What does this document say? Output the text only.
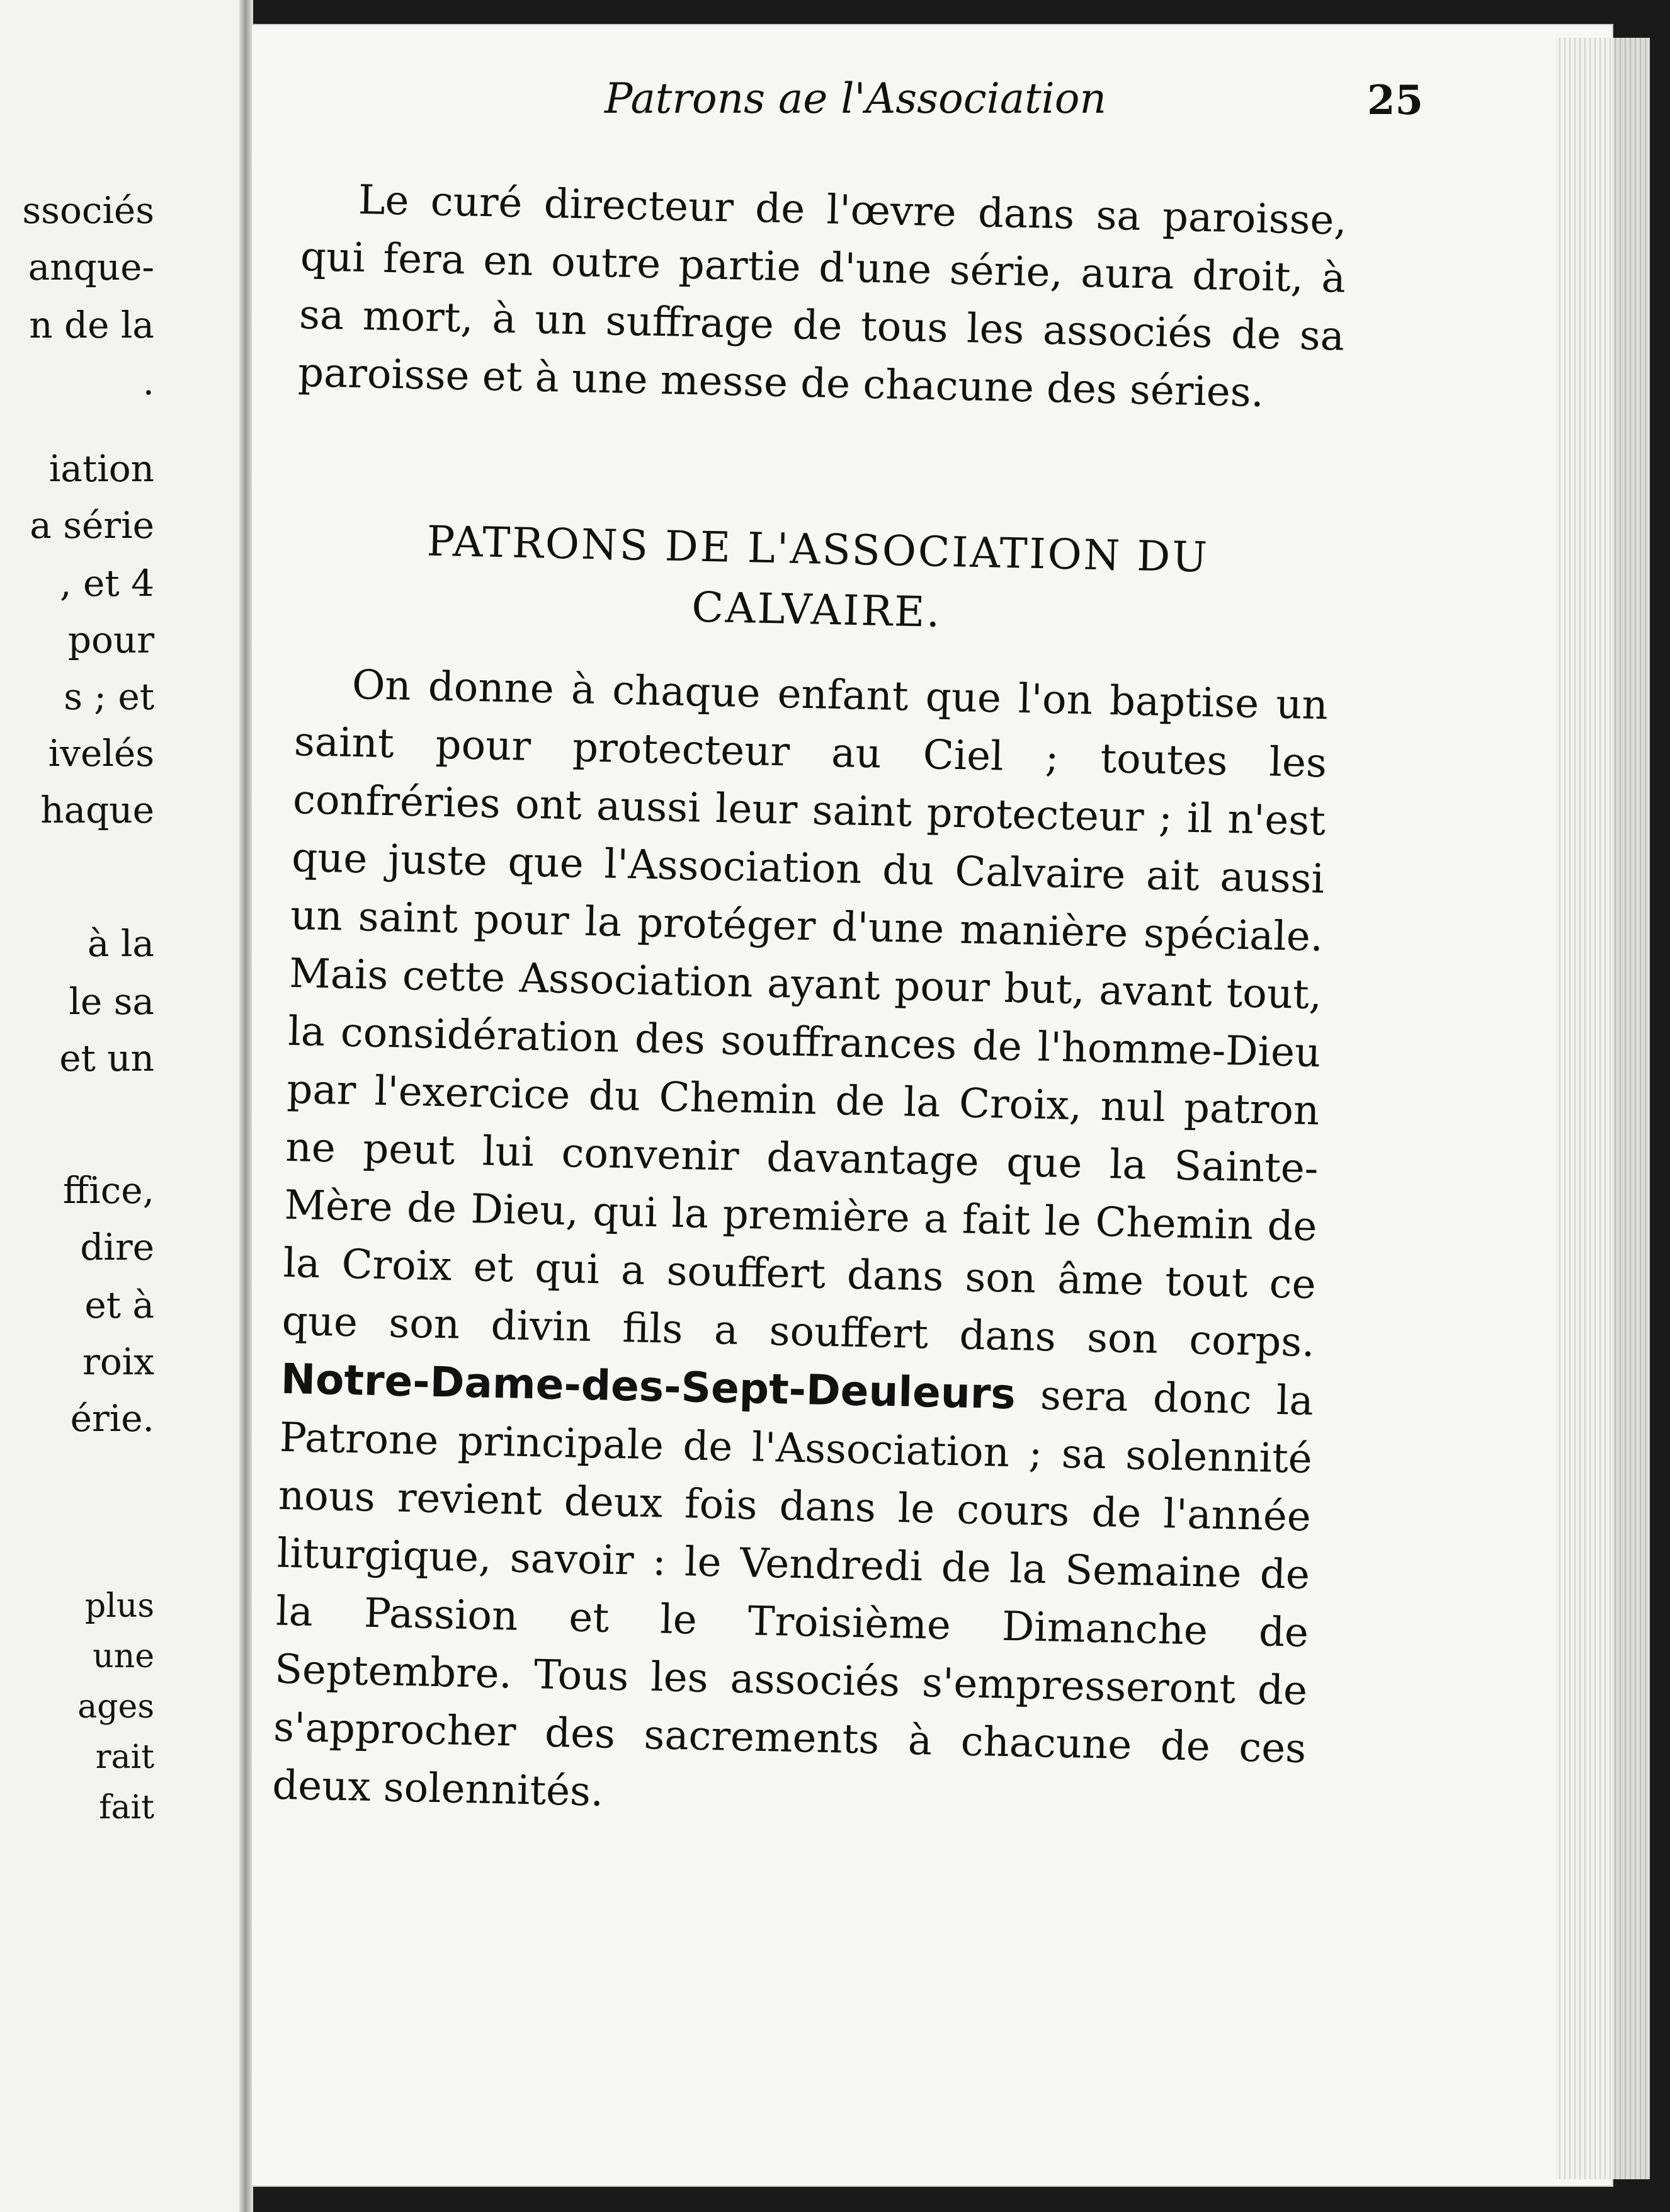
ssociés
anque-
n de la
.
iation
a série
, et 4
pour
s ; et
ivelés
haque
à la
le sa
et un
ffice,
dire
et à
roix
érie.
plus
une
ages
rait
fait
Patrons ae l'Association	25

Le curé directeur de l'œvre dans sa paroisse, qui fera en outre partie d'une série, aura droit, à sa mort, à un suffrage de tous les associés de sa paroisse et à une messe de chacune des séries.

PATRONS DE L'ASSOCIATION DU CALVAIRE.

On donne à chaque enfant que l'on baptise un saint pour protecteur au Ciel ; toutes les confréries ont aussi leur saint protecteur ; il n'est que juste que l'Association du Calvaire ait aussi un saint pour la protéger d'une manière spéciale. Mais cette Association ayant pour but, avant tout, la considération des souffrances de l'homme-Dieu par l'exercice du Chemin de la Croix, nul patron ne peut lui convenir davantage que la Sainte-Mère de Dieu, qui la première a fait le Chemin de la Croix et qui a souffert dans son âme tout ce que son divin fils a souffert dans son corps. Notre-Dame-des-Sept-Deuleurs sera donc la Patrone principale de l'Association ; sa solennité nous revient deux fois dans le cours de l'année liturgique, savoir : le Vendredi de la Semaine de la Passion et le Troisième Dimanche de Septembre. Tous les associés s'empresseront de s'approcher des sacrements à chacune de ces deux solennités.
